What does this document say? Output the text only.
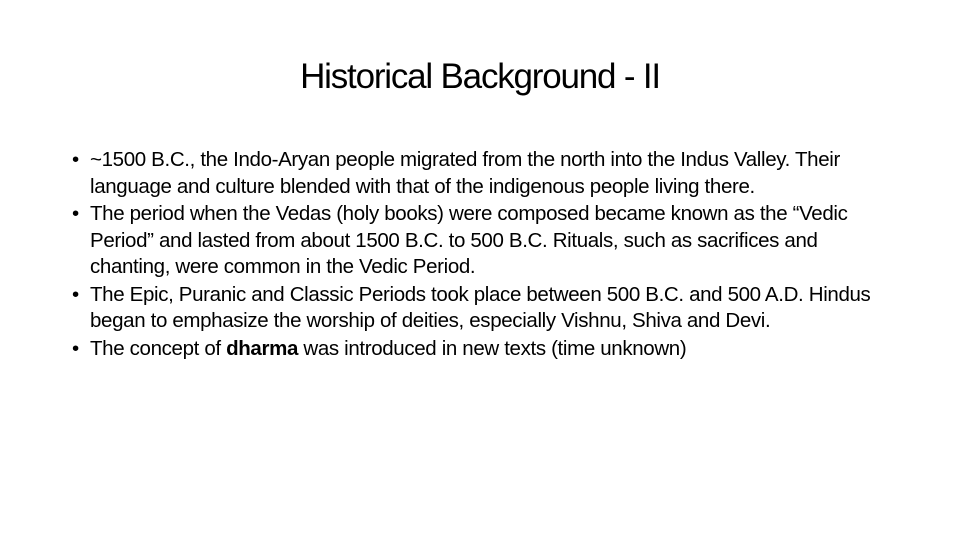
Historical Background - II
• ~1500 B.C., the Indo-Aryan people migrated from the north into the Indus Valley. Their language and culture blended with that of the indigenous people living there.
• The period when the Vedas (holy books) were composed became known as the “Vedic Period” and lasted from about 1500 B.C. to 500 B.C. Rituals, such as sacrifices and chanting, were common in the Vedic Period.
• The Epic, Puranic and Classic Periods took place between 500 B.C. and 500 A.D. Hindus began to emphasize the worship of deities, especially Vishnu, Shiva and Devi.
• The concept of dharma was introduced in new texts (time unknown)
